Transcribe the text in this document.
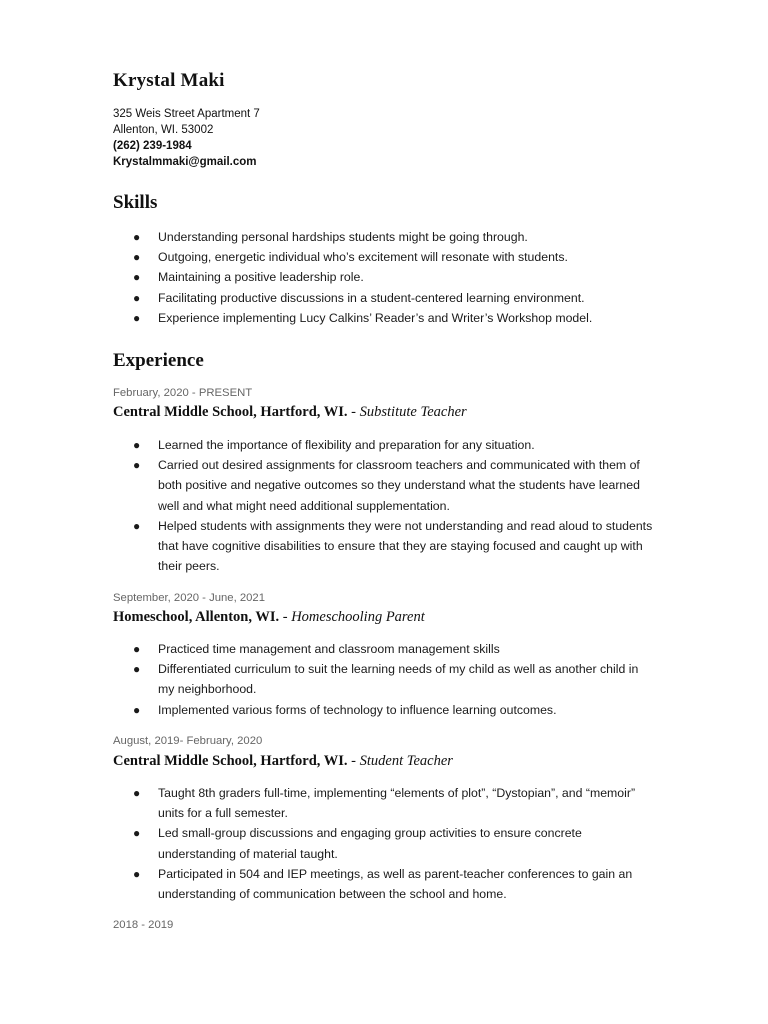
Krystal Maki
325 Weis Street Apartment 7
Allenton, WI. 53002
(262) 239-1984
Krystalmmaki@gmail.com
Skills
● Understanding personal hardships students might be going through.
● Outgoing, energetic individual who’s excitement will resonate with students.
● Maintaining a positive leadership role.
● Facilitating productive discussions in a student-centered learning environment.
● Experience implementing Lucy Calkins’ Reader’s and Writer’s Workshop model.
Experience
February, 2020 - PRESENT
Central Middle School, Hartford, WI. - Substitute Teacher
● Learned the importance of flexibility and preparation for any situation.
● Carried out desired assignments for classroom teachers and communicated with them of both positive and negative outcomes so they understand what the students have learned well and what might need additional supplementation.
● Helped students with assignments they were not understanding and read aloud to students that have cognitive disabilities to ensure that they are staying focused and caught up with their peers.
September, 2020 - June, 2021
Homeschool, Allenton, WI. - Homeschooling Parent
● Practiced time management and classroom management skills
● Differentiated curriculum to suit the learning needs of my child as well as another child in my neighborhood.
● Implemented various forms of technology to influence learning outcomes.
August, 2019- February, 2020
Central Middle School, Hartford, WI. - Student Teacher
● Taught 8th graders full-time, implementing “elements of plot”, “Dystopian”, and “memoir” units for a full semester.
● Led small-group discussions and engaging group activities to ensure concrete understanding of material taught.
● Participated in 504 and IEP meetings, as well as parent-teacher conferences to gain an understanding of communication between the school and home.
2018 - 2019
